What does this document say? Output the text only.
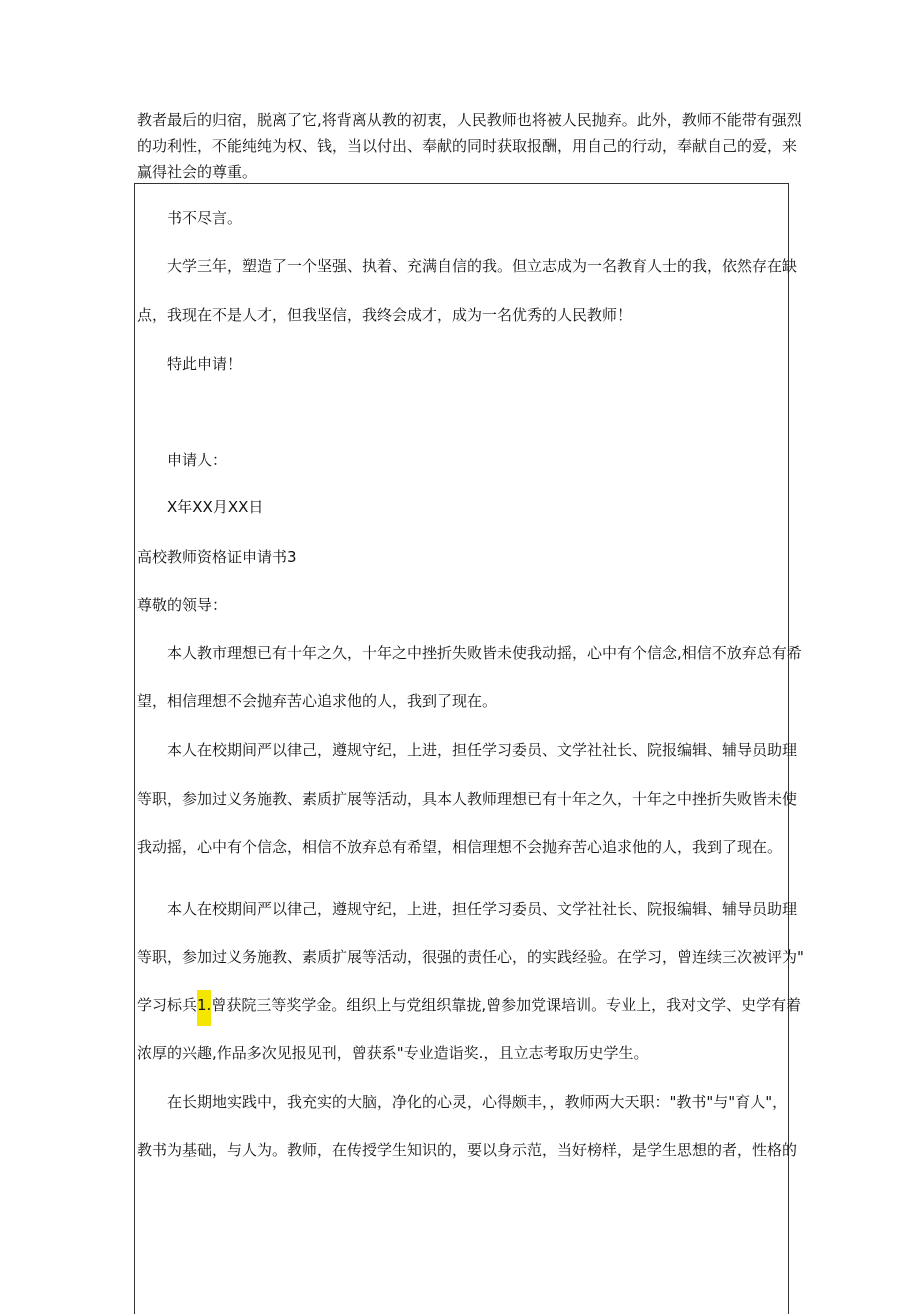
教者最后的归宿，脱离了它,将背离从教的初衷，人民教师也将被人民抛弃。此外，教师不能带有强烈
的功利性，不能纯纯为权、钱，当以付出、奉献的同时获取报酬，用自己的行动，奉献自己的爱，来
赢得社会的尊重。
书不尽言。
大学三年，塑造了一个坚强、执着、充满自信的我。但立志成为一名教育人士的我，依然存在缺
点，我现在不是人才，但我坚信，我终会成才，成为一名优秀的人民教师！
特此申请！
申请人：
X年XX月XX日
高校教师资格证申请书3
尊敬的领导：
本人教市理想已有十年之久，十年之中挫折失败皆未使我动摇，心中有个信念,相信不放弃总有希
望，相信理想不会抛弃苦心追求他的人，我到了现在。
本人在校期间严以律己，遵规守纪，上进，担任学习委员、文学社社长、院报编辑、辅导员助理
等职，参加过义务施教、素质扩展等活动，具本人教师理想已有十年之久，十年之中挫折失败皆未使
我动摇，心中有个信念，相信不放弃总有希望，相信理想不会抛弃苦心追求他的人，我到了现在。
本人在校期间严以律己，遵规守纪，上进，担任学习委员、文学社社长、院报编辑、辅导员助理
等职，参加过义务施教、素质扩展等活动，很强的责任心，的实践经验。在学习，曾连续三次被评为"
学习标兵1.曾获院三等奖学金。组织上与党组织靠拢,曾参加党课培训。专业上，我对文学、史学有着
浓厚的兴趣,作品多次见报见刊，曾获系"专业造诣奖.，且立志考取历史学生。
在长期地实践中，我充实的大脑，净化的心灵，心得颇丰，，教师两大天职："教书"与"育人"，
教书为基础，与人为。教师，在传授学生知识的，要以身示范，当好榜样，是学生思想的者，性格的
